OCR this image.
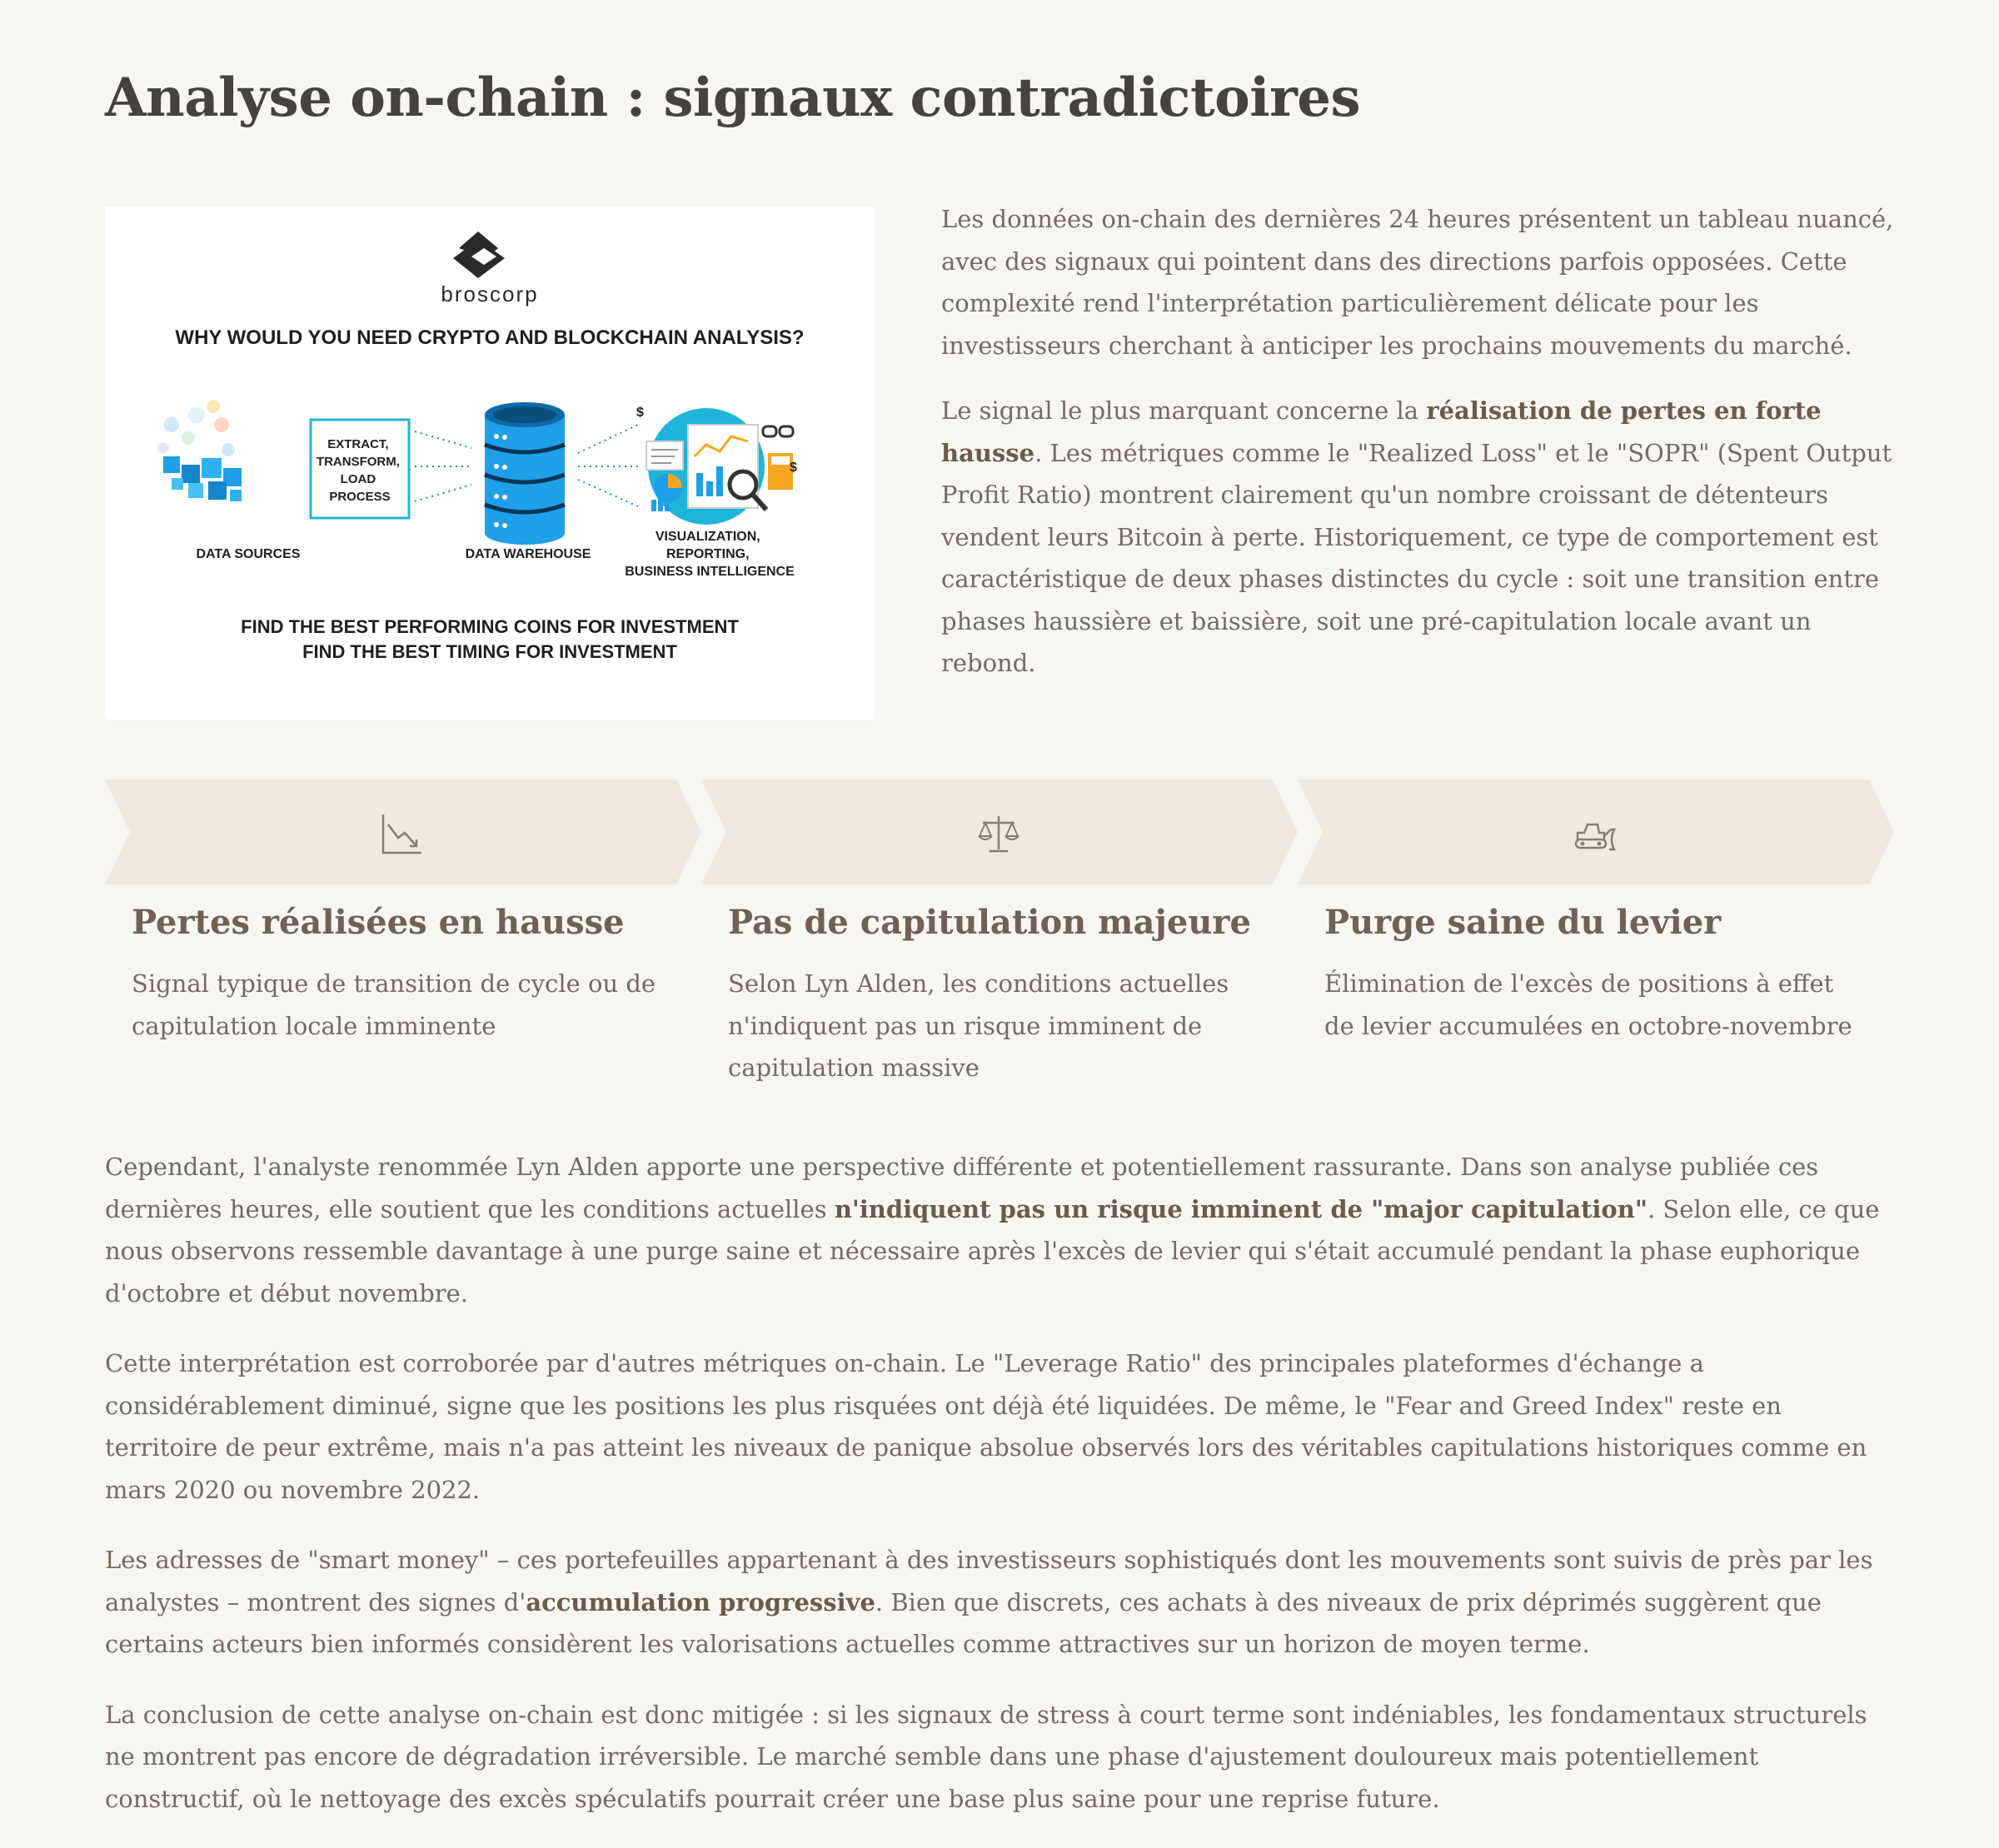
Analyse on-chain : signaux contradictoires
broscorp
WHY WOULD YOU NEED CRYPTO AND BLOCKCHAIN ANALYSIS?
DATA SOURCES
EXTRACT, TRANSFORM, LOAD PROCESS
DATA WAREHOUSE
$
$
VISUALIZATION, REPORTING, BUSINESS INTELLIGENCE
FIND THE BEST PERFORMING COINS FOR INVESTMENT
FIND THE BEST TIMING FOR INVESTMENT

Les données on-chain des dernières 24 heures présentent un tableau nuancé, avec des signaux qui pointent dans des directions parfois opposées. Cette complexité rend l'interprétation particulièrement délicate pour les investisseurs cherchant à anticiper les prochains mouvements du marché.

Le signal le plus marquant concerne la réalisation de pertes en forte hausse. Les métriques comme le "Realized Loss" et le "SOPR" (Spent Output Profit Ratio) montrent clairement qu'un nombre croissant de détenteurs vendent leurs Bitcoin à perte. Historiquement, ce type de comportement est caractéristique de deux phases distinctes du cycle : soit une transition entre phases haussière et baissière, soit une pré-capitulation locale avant un rebond.

Pertes réalisées en hausse

Signal typique de transition de cycle ou de capitulation locale imminente

Pas de capitulation majeure

Selon Lyn Alden, les conditions actuelles n'indiquent pas un risque imminent de capitulation massive

Purge saine du levier

Élimination de l'excès de positions à effet de levier accumulées en octobre-novembre

Cependant, l'analyste renommée Lyn Alden apporte une perspective différente et potentiellement rassurante. Dans son analyse publiée ces dernières heures, elle soutient que les conditions actuelles n'indiquent pas un risque imminent de "major capitulation". Selon elle, ce que nous observons ressemble davantage à une purge saine et nécessaire après l'excès de levier qui s'était accumulé pendant la phase euphorique d'octobre et début novembre.

Cette interprétation est corroborée par d'autres métriques on-chain. Le "Leverage Ratio" des principales plateformes d'échange a considérablement diminué, signe que les positions les plus risquées ont déjà été liquidées. De même, le "Fear and Greed Index" reste en territoire de peur extrême, mais n'a pas atteint les niveaux de panique absolue observés lors des véritables capitulations historiques comme en mars 2020 ou novembre 2022.

Les adresses de "smart money" – ces portefeuilles appartenant à des investisseurs sophistiqués dont les mouvements sont suivis de près par les analystes – montrent des signes d'accumulation progressive. Bien que discrets, ces achats à des niveaux de prix déprimés suggèrent que certains acteurs bien informés considèrent les valorisations actuelles comme attractives sur un horizon de moyen terme.

La conclusion de cette analyse on-chain est donc mitigée : si les signaux de stress à court terme sont indéniables, les fondamentaux structurels ne montrent pas encore de dégradation irréversible. Le marché semble dans une phase d'ajustement douloureux mais potentiellement constructif, où le nettoyage des excès spéculatifs pourrait créer une base plus saine pour une reprise future.
